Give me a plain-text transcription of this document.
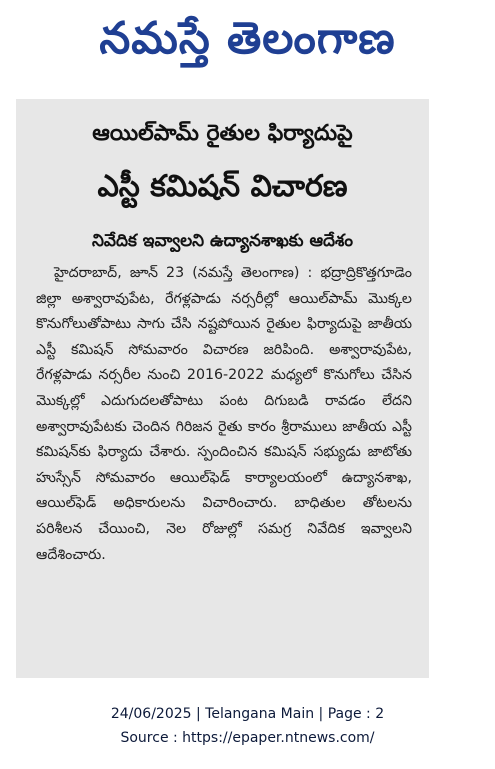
నమస్తే తెలంగాణ
ఆయిల్‌పామ్‌ రైతుల ఫిర్యాదుపై
ఎస్టీ కమిషన్‌ విచారణ
నివేదిక ఇవ్వాలని ఉద్యానశాఖకు ఆదేశం
హైదరాబాద్‌, జూన్‌ 23 (నమస్తే తెలంగాణ) : భద్రాద్రికొత్తగూడెం జిల్లా అశ్వారావుపేట, రేగళ్లపాడు నర్సరీల్లో ఆయిల్‌పామ్‌ మొక్కల కొనుగోలుతోపాటు సాగు చేసి నష్టపోయిన రైతుల ఫిర్యాదుపై జాతీయ ఎస్టీ కమిషన్‌ సోమవారం విచారణ జరిపింది. అశ్వారావుపేట, రేగళ్లపాడు నర్సరీల నుంచి 2016-2022 మధ్యలో కొనుగోలు చేసిన మొక్కల్లో ఎదుగుదలతోపాటు పంట దిగుబడి రావడం లేదని అశ్వారావుపేటకు చెందిన గిరిజన రైతు కారం శ్రీరాములు జాతీయ ఎస్టీ కమిషన్‌కు ఫిర్యాదు చేశారు. స్పందించిన కమిషన్‌ సభ్యుడు జాటోతు హుస్సేన్‌ సోమవారం ఆయిల్‌ఫెడ్‌ కార్యాలయంలో ఉద్యానశాఖ, ఆయిల్‌ఫెడ్‌ అధికారులను విచారించారు. బాధితుల తోటలను పరిశీలన చేయించి, నెల రోజుల్లో సమగ్ర నివేదిక ఇవ్వాలని ఆదేశించారు.
24/06/2025 | Telangana Main | Page : 2
Source : https://epaper.ntnews.com/
